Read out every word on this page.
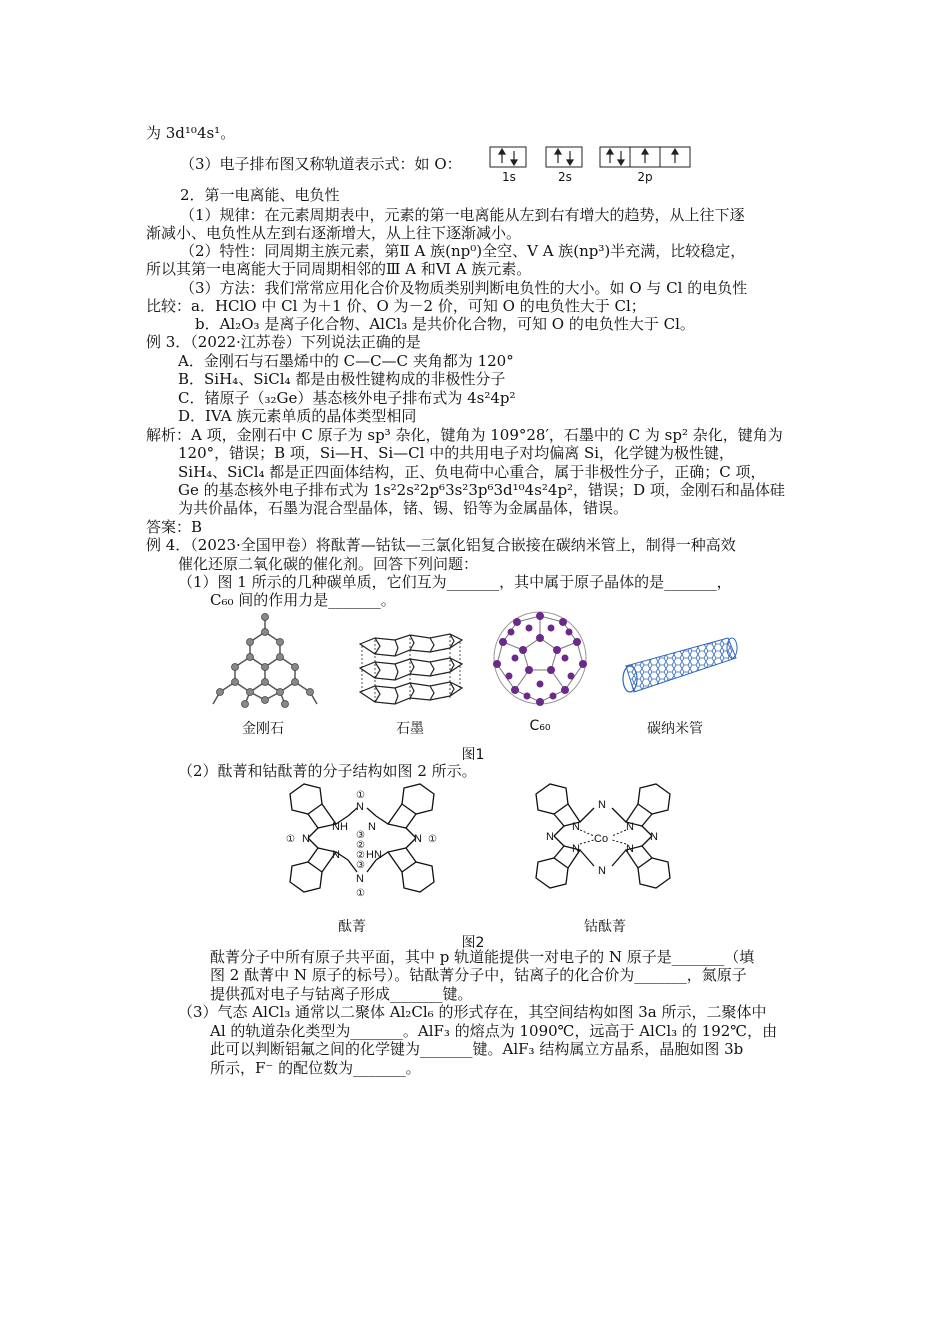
为 3d¹⁰4s¹。
（3）电子排布图又称轨道表示式：如 O：
1s	2s	2p
2．第一电离能、电负性
（1）规律：在元素周期表中，元素的第一电离能从左到右有增大的趋势，从上往下逐
渐减小、电负性从左到右逐渐增大，从上往下逐渐减小。
（2）特性：同周期主族元素，第Ⅱ A 族(np⁰)全空、Ⅴ A 族(np³)半充满，比较稳定，
所以其第一电离能大于同周期相邻的Ⅲ A 和Ⅵ A 族元素。
（3）方法：我们常常应用化合价及物质类别判断电负性的大小。如 O 与 Cl 的电负性
比较：a．HClO 中 Cl 为＋1 价、O 为－2 价，可知 O 的电负性大于 Cl；
b．Al₂O₃ 是离子化合物、AlCl₃ 是共价化合物，可知 O 的电负性大于 Cl。
例 3．（2022·江苏卷）下列说法正确的是
A．金刚石与石墨烯中的 C—C—C 夹角都为 120°
B．SiH₄、SiCl₄ 都是由极性键构成的非极性分子
C．锗原子（₃₂Ge）基态核外电子排布式为 4s²4p²
D．IVA 族元素单质的晶体类型相同
解析：A 项，金刚石中 C 原子为 sp³ 杂化，键角为 109°28′，石墨中的 C 为 sp² 杂化，键角为
120°，错误；B 项，Si—H、Si—Cl 中的共用电子对均偏离 Si，化学键为极性键，
SiH₄、SiCl₄ 都是正四面体结构，正、负电荷中心重合，属于非极性分子，正确；C 项，
Ge 的基态核外电子排布式为 1s²2s²2p⁶3s²3p⁶3d¹⁰4s²4p²，错误；D 项，金刚石和晶体硅
为共价晶体，石墨为混合型晶体，锗、锡、铅等为金属晶体，错误。
答案：B
例 4．（2023·全国甲卷）将酞菁—钴钛—三氯化铝复合嵌接在碳纳米管上，制得一种高效
催化还原二氧化碳的催化剂。回答下列问题：
（1）图 1 所示的几种碳单质，它们互为_______，其中属于原子晶体的是_______，
C₆₀ 间的作用力是_______。
金刚石	石墨	C₆₀	碳纳米管
图1
（2）酞菁和钴酞菁的分子结构如图 2 所示。
N
N
N	N
NH N
N HN
①
①
①	①
③
②
②
③
N
N
N	N
N	N
N	N
Co
酞菁	钴酞菁
图2
酞菁分子中所有原子共平面，其中 p 轨道能提供一对电子的 N 原子是_______（填
图 2 酞菁中 N 原子的标号）。钴酞菁分子中，钴离子的化合价为_______，氮原子
提供孤对电子与钴离子形成_______键。
（3）气态 AlCl₃ 通常以二聚体 Al₂Cl₆ 的形式存在，其空间结构如图 3a 所示，二聚体中
Al 的轨道杂化类型为_______。AlF₃ 的熔点为 1090℃，远高于 AlCl₃ 的 192℃，由
此可以判断铝氟之间的化学键为_______键。AlF₃ 结构属立方晶系，晶胞如图 3b
所示，F⁻ 的配位数为_______。
